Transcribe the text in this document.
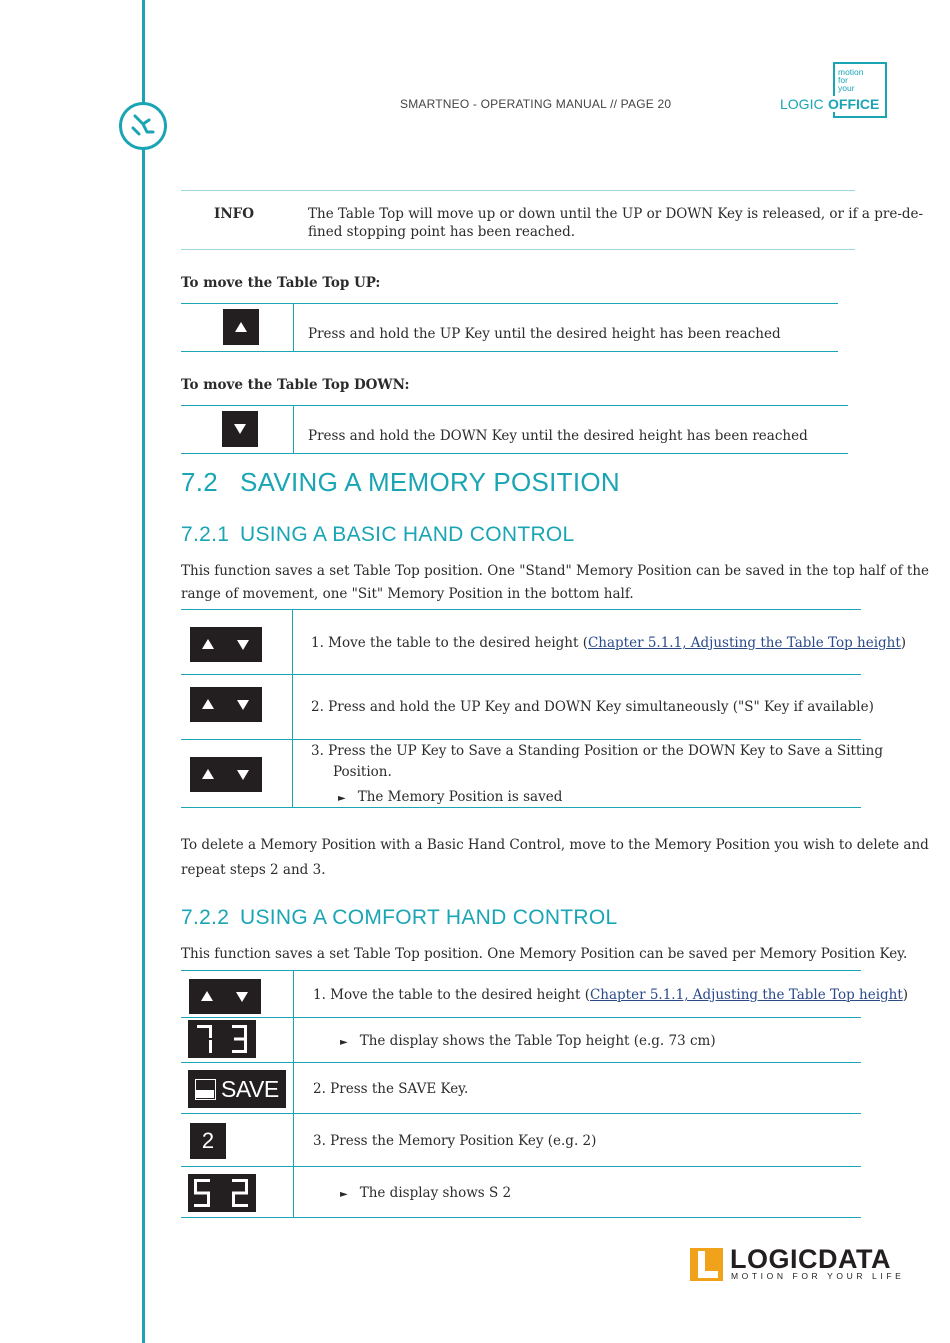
SMARTNEO - OPERATING MANUAL // PAGE 20
motion
for
your
LOGIC OFFICE
INFO	The Table Top will move up or down until the UP or DOWN Key is released, or if a pre-de-
fined stopping point has been reached.
To move the Table Top UP:
Press and hold the UP Key until the desired height has been reached
To move the Table Top DOWN:
Press and hold the DOWN Key until the desired height has been reached
7.2 SAVING A MEMORY POSITION
7.2.1 USING A BASIC HAND CONTROL
This function saves a set Table Top position. One "Stand" Memory Position can be saved in the top half of the
range of movement, one "Sit" Memory Position in the bottom half.
1. Move the table to the desired height (Chapter 5.1.1, Adjusting the Table Top height)
2. Press and hold the UP Key and DOWN Key simultaneously ("S" Key if available)
3. Press the UP Key to Save a Standing Position or the DOWN Key to Save a Sitting
Position.
► The Memory Position is saved
To delete a Memory Position with a Basic Hand Control, move to the Memory Position you wish to delete and
repeat steps 2 and 3.
7.2.2 USING A COMFORT HAND CONTROL
This function saves a set Table Top position. One Memory Position can be saved per Memory Position Key.
1. Move the table to the desired height (Chapter 5.1.1, Adjusting the Table Top height)
► The display shows the Table Top height (e.g. 73 cm)
SAVE	2. Press the SAVE Key.
2	3. Press the Memory Position Key (e.g. 2)
► The display shows S 2
LOGICDATA
MOTION FOR YOUR LIFE
